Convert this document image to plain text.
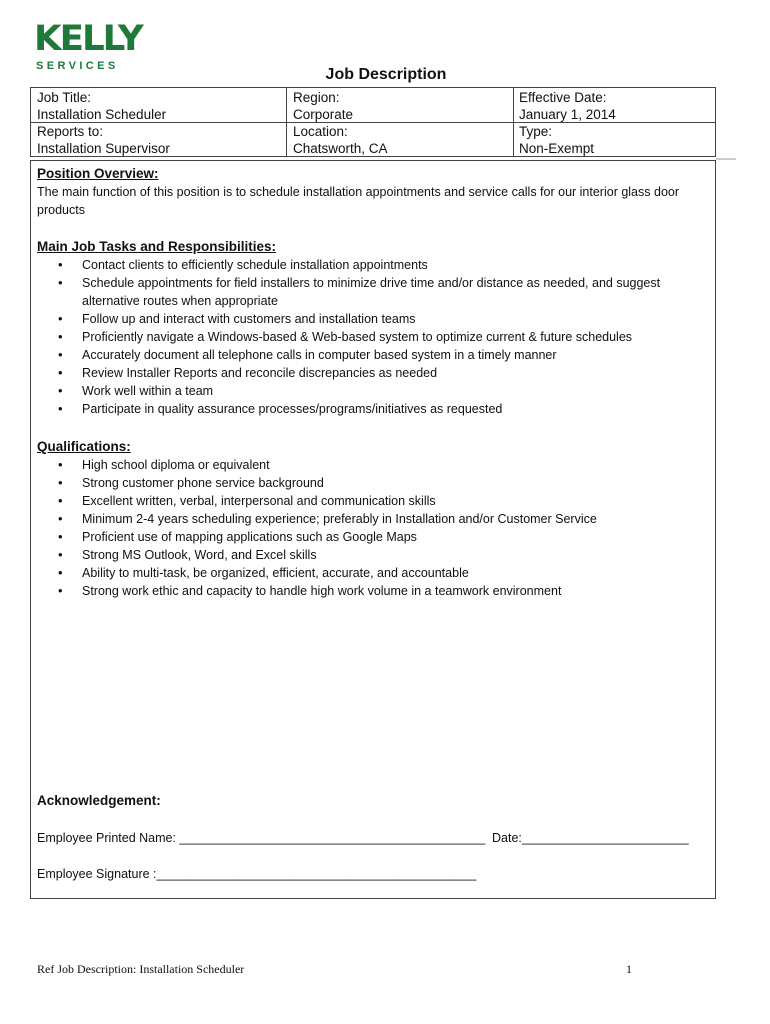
KELLY
SERVICES	Job Description
Job Title:
Installation Scheduler
Reports to:
Installation Supervisor
Region:
Corporate
Location:
Chatsworth, CA
Effective Date:
January 1, 2014
Type:
Non-Exempt

Position Overview:

The main function of this position is to schedule installation appointments and service calls for our interior glass door products

Main Job Tasks and Responsibilities:

• Contact clients to efficiently schedule installation appointments
• Schedule appointments for field installers to minimize drive time and/or distance as needed, and suggest alternative routes when appropriate
• Follow up and interact with customers and installation teams
• Proficiently navigate a Windows-based & Web-based system to optimize current & future schedules
• Accurately document all telephone calls in computer based system in a timely manner
• Review Installer Reports and reconcile discrepancies as needed
• Work well within a team
• Participate in quality assurance processes/programs/initiatives as requested

Qualifications:

• High school diploma or equivalent
• Strong customer phone service background
• Excellent written, verbal, interpersonal and communication skills
• Minimum 2-4 years scheduling experience; preferably in Installation and/or Customer Service
• Proficient use of mapping applications such as Google Maps
• Strong MS Outlook, Word, and Excel skills
• Ability to multi-task, be organized, efficient, accurate, and accountable
• Strong work ethic and capacity to handle high work volume in a teamwork environment
Acknowledgement:
Employee Printed Name: ____________________________________________ Date:________________________
Employee Signature :______________________________________________
Ref Job Description: Installation Scheduler	1
